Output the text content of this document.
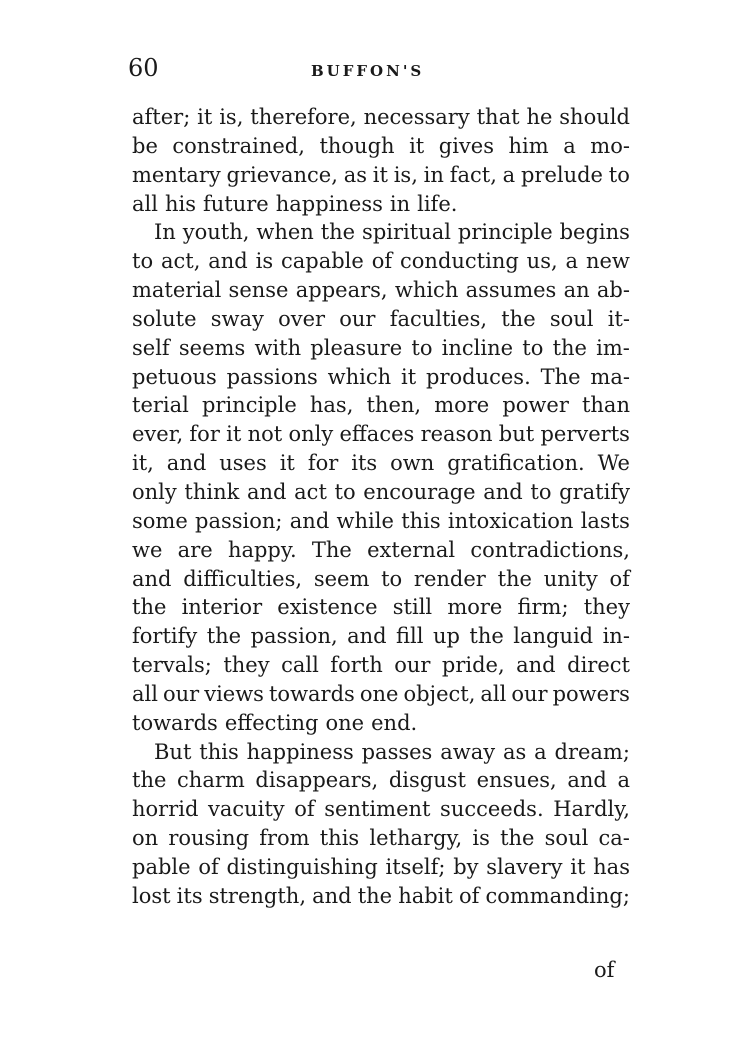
60	BUFFON'S
after; it is, therefore, necessary that he should
be constrained, though it gives him a mo-
mentary grievance, as it is, in fact, a prelude to
all his future happiness in life.
In youth, when the spiritual principle begins
to act, and is capable of conducting us, a new
material sense appears, which assumes an ab-
solute sway over our faculties, the soul it-
self seems with pleasure to incline to the im-
petuous passions which it produces. The ma-
terial principle has, then, more power than
ever, for it not only effaces reason but perverts
it, and uses it for its own gratification. We
only think and act to encourage and to gratify
some passion; and while this intoxication lasts
we are happy. The external contradictions,
and difficulties, seem to render the unity of
the interior existence still more firm; they
fortify the passion, and fill up the languid in-
tervals; they call forth our pride, and direct
all our views towards one object, all our powers
towards effecting one end.
But this happiness passes away as a dream;
the charm disappears, disgust ensues, and a
horrid vacuity of sentiment succeeds. Hardly,
on rousing from this lethargy, is the soul ca-
pable of distinguishing itself; by slavery it has
lost its strength, and the habit of commanding;
of
